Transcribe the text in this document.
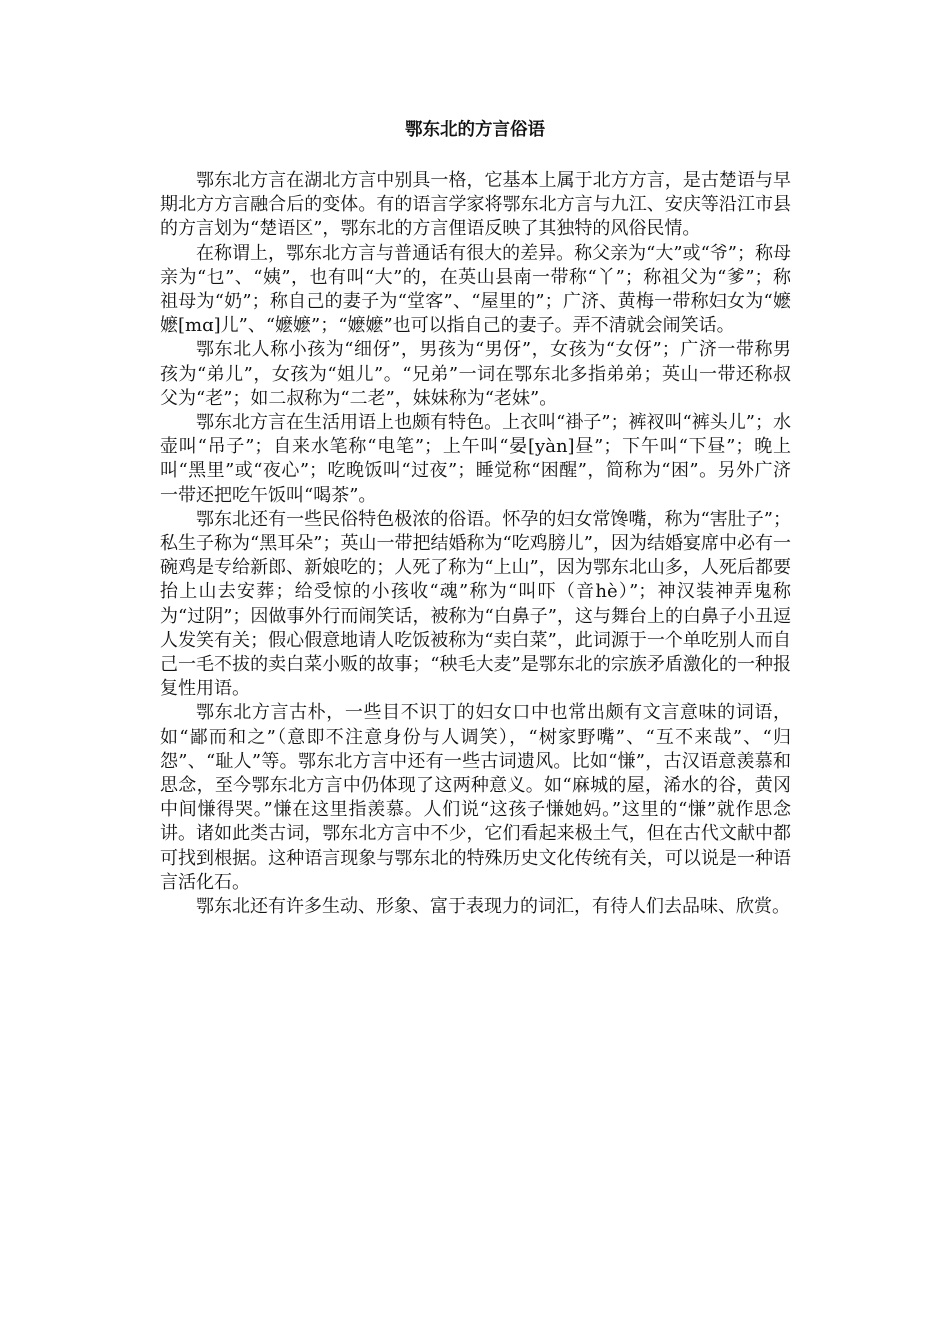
鄂东北的方言俗语

鄂东北方言在湖北方言中别具一格，它基本上属于北方方言，是古楚语与早期北方方言融合后的变体。有的语言学家将鄂东北方言与九江、安庆等沿江市县的方言划为“楚语区”，鄂东北的方言俚语反映了其独特的风俗民情。

在称谓上，鄂东北方言与普通话有很大的差异。称父亲为“大”或“爷”；称母亲为“乜”、“姨”，也有叫“大”的，在英山县南一带称“丫”；称祖父为“爹”；称祖母为“奶”；称自己的妻子为“堂客”、“屋里的”；广济、黄梅一带称妇女为“嬷嬷[mɑ]儿”、“嬷嬷”；“嬷嬷”也可以指自己的妻子。弄不清就会闹笑话。

鄂东北人称小孩为“细伢”，男孩为“男伢”，女孩为“女伢”；广济一带称男孩为“弟儿”，女孩为“姐儿”。“兄弟”一词在鄂东北多指弟弟；英山一带还称叔父为“老”；如二叔称为“二老”，妹妹称为“老妹”。

鄂东北方言在生活用语上也颇有特色。上衣叫“褂子”；裤衩叫“裤头儿”；水壶叫“吊子”；自来水笔称“电笔”；上午叫“晏[yàn]昼”；下午叫“下昼”；晚上叫“黑里”或“夜心”；吃晚饭叫“过夜”；睡觉称“困醒”，简称为“困”。另外广济一带还把吃午饭叫“喝茶”。

鄂东北还有一些民俗特色极浓的俗语。怀孕的妇女常馋嘴，称为“害肚子”；私生子称为“黑耳朵”；英山一带把结婚称为“吃鸡膀儿”，因为结婚宴席中必有一碗鸡是专给新郎、新娘吃的；人死了称为“上山”，因为鄂东北山多，人死后都要抬上山去安葬；给受惊的小孩收“魂”称为“叫吓（音hè）”；神汉装神弄鬼称为“过阴”；因做事外行而闹笑话，被称为“白鼻子”，这与舞台上的白鼻子小丑逗人发笑有关；假心假意地请人吃饭被称为“卖白菜”，此词源于一个单吃别人而自己一毛不拔的卖白菜小贩的故事；“秧毛大麦”是鄂东北的宗族矛盾激化的一种报复性用语。

鄂东北方言古朴，一些目不识丁的妇女口中也常出颇有文言意味的词语，如“鄙而和之”（意即不注意身份与人调笑），“树家野嘴”、“互不来哉”、“归怨”、“耻人”等。鄂东北方言中还有一些古词遗风。比如“慊”，古汉语意羡慕和思念，至今鄂东北方言中仍体现了这两种意义。如“麻城的屋，浠水的谷，黄冈中间慊得哭。”慊在这里指羡慕。人们说“这孩子慊她妈。”这里的“慊”就作思念讲。诸如此类古词，鄂东北方言中不少，它们看起来极土气，但在古代文献中都可找到根据。这种语言现象与鄂东北的特殊历史文化传统有关，可以说是一种语言活化石。

鄂东北还有许多生动、形象、富于表现力的词汇，有待人们去品味、欣赏。
